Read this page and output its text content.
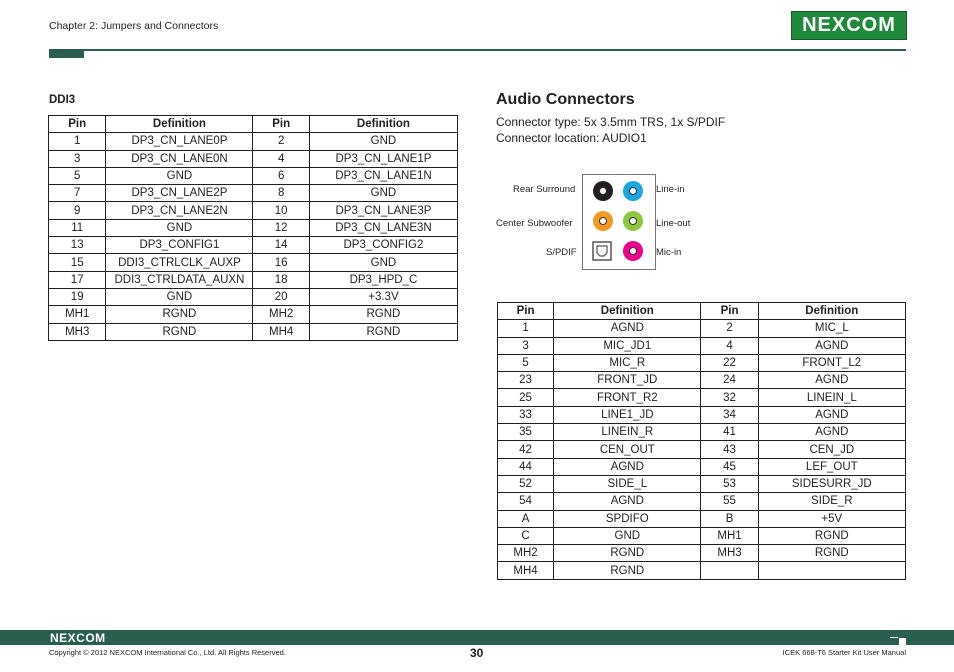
Chapter 2: Jumpers and Connectors	NEXCOM
DDI3
Pin	Definition	Pin	Definition
1	DP3_CN_LANE0P	2	GND
3	DP3_CN_LANE0N	4	DP3_CN_LANE1P
5	GND	6	DP3_CN_LANE1N
7	DP3_CN_LANE2P	8	GND
9	DP3_CN_LANE2N	10	DP3_CN_LANE3P
11	GND	12	DP3_CN_LANE3N
13	DP3_CONFIG1	14	DP3_CONFIG2
15	DDI3_CTRLCLK_AUXP	16	GND
17	DDI3_CTRLDATA_AUXN	18	DP3_HPD_C
19	GND	20	+3.3V
MH1	RGND	MH2	RGND
MH3	RGND	MH4	RGND
Audio Connectors
Connector type: 5x 3.5mm TRS, 1x S/PDIF
Connector location: AUDIO1
Rear Surround
Center Subwoofer
S/PDIF
Line-in
Line-out
Mic-in
Pin	Definition	Pin	Definition
1	AGND	2	MIC_L
3	MIC_JD1	4	AGND
5	MIC_R	22	FRONT_L2
23	FRONT_JD	24	AGND
25	FRONT_R2	32	LINEIN_L
33	LINE1_JD	34	AGND
35	LINEIN_R	41	AGND
42	CEN_OUT	43	CEN_JD
44	AGND	45	LEF_OUT
52	SIDE_L	53	SIDESURR_JD
54	AGND	55	SIDE_R
A	SPDIFO	B	+5V
C	GND	MH1	RGND
MH2	RGND	MH3	RGND
MH4	RGND		
NEXCOM
Copyright © 2012 NEXCOM International Co., Ltd. All Rights Reserved.	30	ICEK 668-T6 Starter Kit User Manual
